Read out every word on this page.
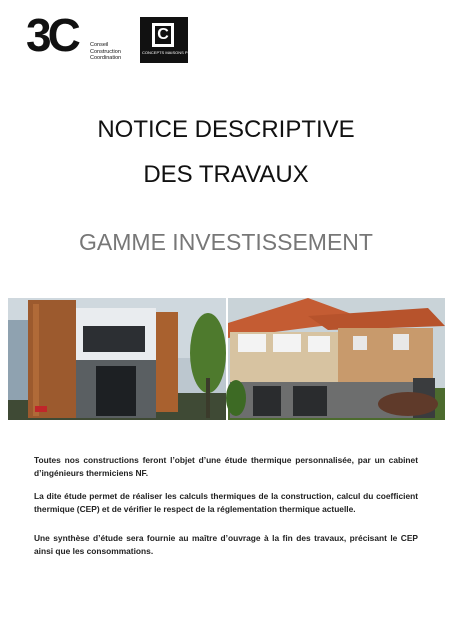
3C Conseil
Construction
Coordination
C
CONCEPTS MAISONS PRO
NOTICE DESCRIPTIVE
DES TRAVAUX
GAMME INVESTISSEMENT

Toutes nos constructions feront l’objet d’une étude thermique personnalisée, par un cabinet d’ingénieurs thermiciens NF.

La dite étude permet de réaliser les calculs thermiques de la construction, calcul du coefficient thermique (CEP) et de vérifier le respect de la réglementation thermique actuelle.

Une synthèse d’étude sera fournie au maître d’ouvrage à la fin des travaux, précisant le CEP ainsi que les consommations.
